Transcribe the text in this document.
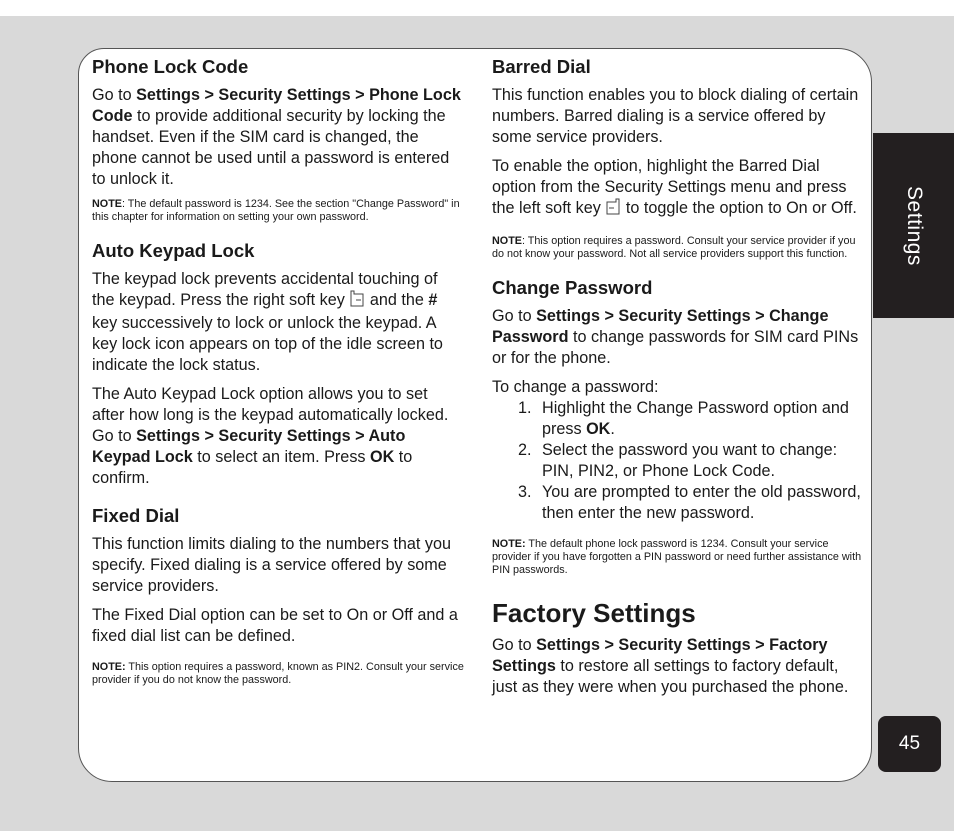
Phone Lock Code

Go to Settings > Security Settings > Phone Lock Code to provide additional security by locking the handset. Even if the SIM card is changed, the phone cannot be used until a password is entered to unlock it.

NOTE: The default password is 1234. See the section "Change Password" in this chapter for information on setting your own password.

Auto Keypad Lock

The keypad lock prevents accidental touching of the keypad. Press the right soft key  and the # key successively to lock or unlock the keypad. A key lock icon appears on top of the idle screen to indicate the lock status.

The Auto Keypad Lock option allows you to set after how long is the keypad automatically locked. Go to Settings > Security Settings > Auto Keypad Lock to select an item. Press OK to confirm.

Fixed Dial

This function limits dialing to the numbers that you specify. Fixed dialing is a service offered by some service providers.

The Fixed Dial option can be set to On or Off and a fixed dial list can be defined.

NOTE: This option requires a password, known as PIN2. Consult your service provider if you do not know the password.

Barred Dial

This function enables you to block dialing of certain numbers. Barred dialing is a service offered by some service providers.

To enable the option, highlight the Barred Dial option from the Security Settings menu and press the left soft key  to toggle the option to On or Off.

NOTE: This option requires a password. Consult your service provider if you do not know your password. Not all service providers support this function.

Change Password

Go to Settings > Security Settings > Change Password to change passwords for SIM card PINs or for the phone.

To change a password:

1. Highlight the Change Password option and press OK.
2. Select the password you want to change: PIN, PIN2, or Phone Lock Code.
3. You are prompted to enter the old password, then enter the new password.

NOTE: The default phone lock password is 1234. Consult your service provider if you have forgotten a PIN password or need further assistance with PIN passwords.

Factory Settings

Go to Settings > Security Settings > Factory Settings to restore all settings to factory default, just as they were when you purchased the phone.

Settings
45
